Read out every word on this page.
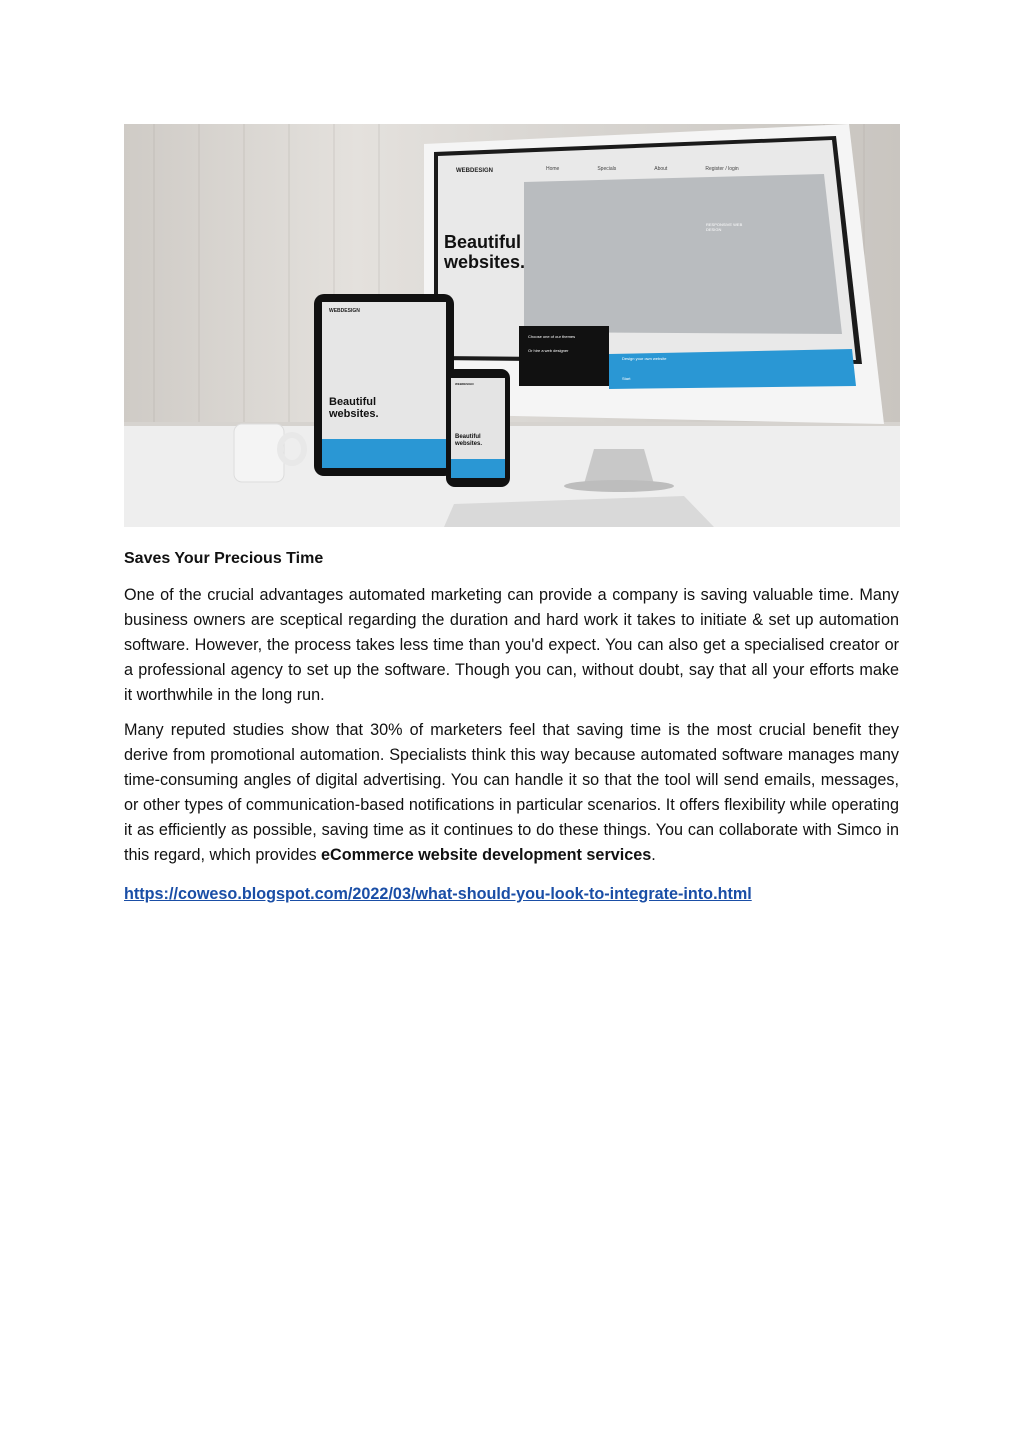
WEBDESIGN	Home	Specials	About	Register / login
Beautiful
websites.
RESPONSIVE WEB DESIGN
Choose one of our themes
Or hire a web designer
Design your own website
Start
WEBDESIGN
Beautiful
websites.
WEBDESIGN
Beautiful
websites.
Saves Your Precious Time

One of the crucial advantages automated marketing can provide a company is saving valuable time. Many business owners are sceptical regarding the duration and hard work it takes to initiate & set up automation software. However, the process takes less time than you'd expect. You can also get a specialised creator or a professional agency to set up the software. Though you can, without doubt, say that all your efforts make it worthwhile in the long run.

Many reputed studies show that 30% of marketers feel that saving time is the most crucial benefit they derive from promotional automation. Specialists think this way because automated software manages many time-consuming angles of digital advertising. You can handle it so that the tool will send emails, messages, or other types of communication-based notifications in particular scenarios. It offers flexibility while operating it as efficiently as possible, saving time as it continues to do these things. You can collaborate with Simco in this regard, which provides eCommerce website development services.

https://coweso.blogspot.com/2022/03/what-should-you-look-to-integrate-into.html
